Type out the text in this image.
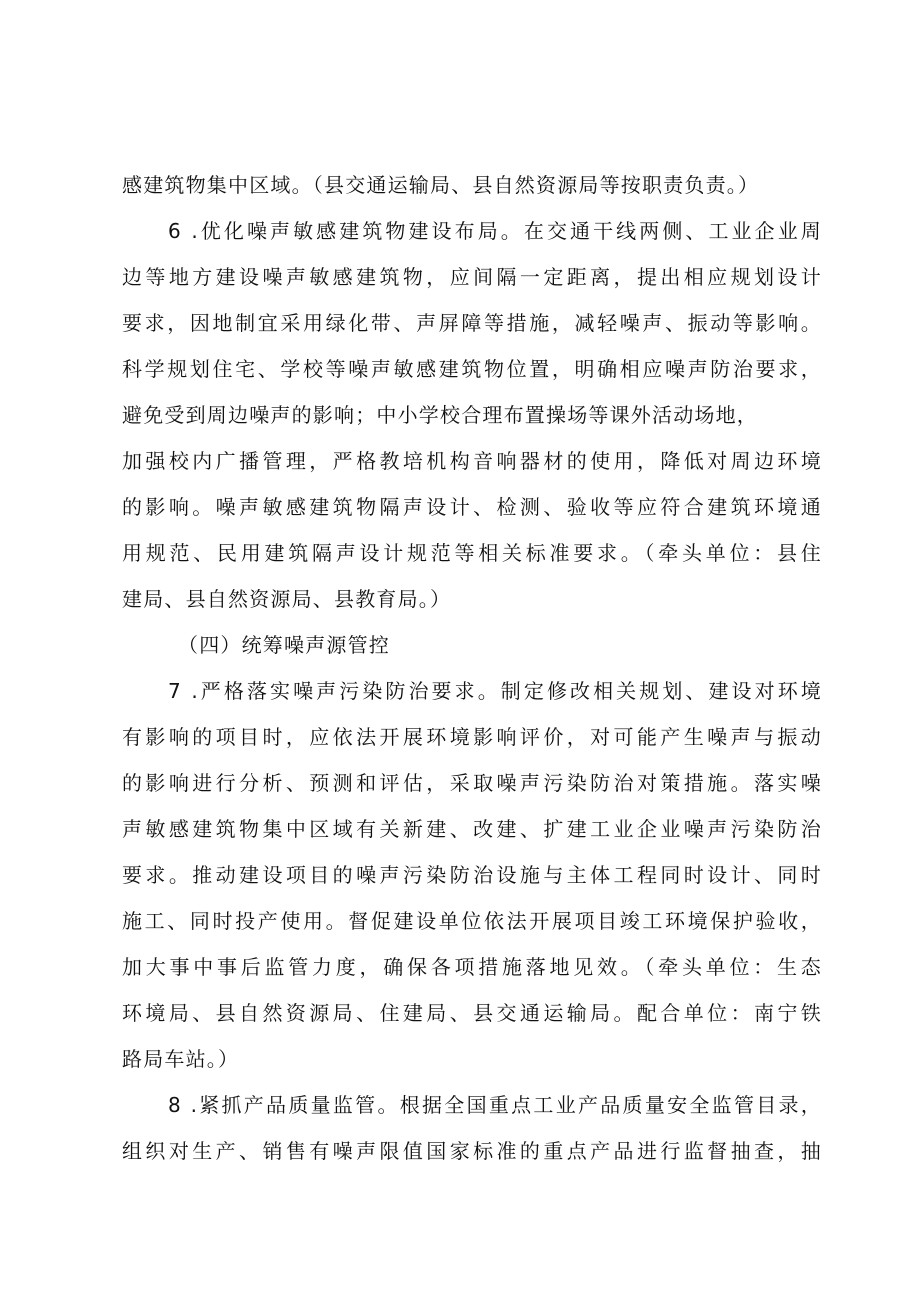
感建筑物集中区域。（县交通运输局、县自然资源局等按职责负责。）
6 .优化噪声敏感建筑物建设布局。在交通干线两侧、工业企业周
边等地方建设噪声敏感建筑物，应间隔一定距离，提出相应规划设计
要求，因地制宜采用绿化带、声屏障等措施，减轻噪声、振动等影响。
科学规划住宅、学校等噪声敏感建筑物位置，明确相应噪声防治要求，
避免受到周边噪声的影响；中小学校合理布置操场等课外活动场地，
加强校内广播管理，严格教培机构音响器材的使用，降低对周边环境
的影响。噪声敏感建筑物隔声设计、检测、验收等应符合建筑环境通
用规范、民用建筑隔声设计规范等相关标准要求。（牵头单位：县住
建局、县自然资源局、县教育局。）
（四）统筹噪声源管控
7 .严格落实噪声污染防治要求。制定修改相关规划、建设对环境
有影响的项目时，应依法开展环境影响评价，对可能产生噪声与振动
的影响进行分析、预测和评估，采取噪声污染防治对策措施。落实噪
声敏感建筑物集中区域有关新建、改建、扩建工业企业噪声污染防治
要求。推动建设项目的噪声污染防治设施与主体工程同时设计、同时
施工、同时投产使用。督促建设单位依法开展项目竣工环境保护验收，
加大事中事后监管力度，确保各项措施落地见效。（牵头单位：生态
环境局、县自然资源局、住建局、县交通运输局。配合单位：南宁铁
路局车站。）
8 .紧抓产品质量监管。根据全国重点工业产品质量安全监管目录，
组织对生产、销售有噪声限值国家标准的重点产品进行监督抽查，抽
